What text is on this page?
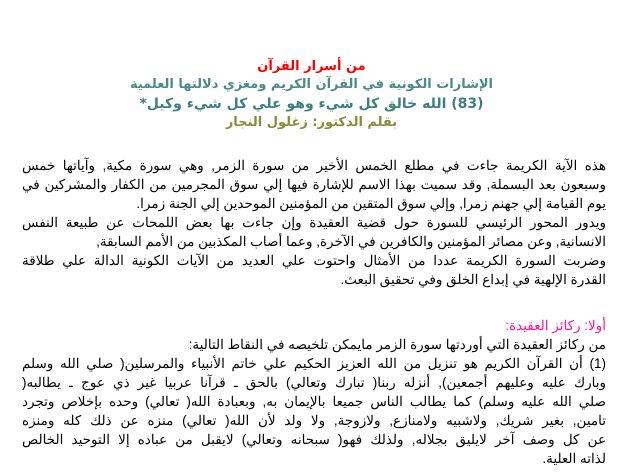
من أسرار القرآن
الإشارات الكونية في القرآن الكريم ومغزي دلالتها العلمية
(83) الله خالق كل شيء وهو علي كل شيء وكيل*
بقلم الدكتور: زغلول النجار
هذه الآية الكريمة جاءت في مطلع الخمس الأخير من سورة الزمر, وهي سورة مكية, وآياتها خمس
وسبعون بعد البسملة, وقد سميت بهذا الاسم للإشارة فيها إلي سوق المجرمين من الكفار والمشركين في
يوم القيامة إلي جهنم زمرا, وإلي سوق المتقين من المؤمنين الموحدين إلي الجنة زمرا.
ويدور المحور الرئيسي للسورة حول قضية العقيدة وإن جاءت بها بعض اللمحات عن طبيعة النفس
الانسانية, وعن مصائر المؤمنين والكافرين في الآخرة, وعما أصاب المكذبين من الأمم السابقة,
وضربت السورة الكريمة عددا من الأمثال واحتوت علي العديد من الآيات الكونية الدالة علي طلاقة
القدرة الإلهية في إبداع الخلق وفي تحقيق البعث.
أولا: ركائز العقيدة:
من ركائز العقيدة التي أوردتها سورة الزمر مايمكن تلخيصه في النقاط التالية:
(1) أن القرآن الكريم هو تنزيل من الله العزيز الحكيم علي خاتم الأنبياء والمرسلين( صلي الله وسلم
وبارك عليه وعليهم أجمعين), أنزله ربنا( تبارك وتعالي) بالحق ـ قرآنا عربيا غير ذي عوج ـ يطالبه(
صلي الله عليه وسلم) كما يطالب الناس جميعا بالإيمان به, وبعبادة الله( تعالي) وحده بإخلاص وتجرد
تامين, بغير شريك, ولاشبيه ولامنازع, ولازوجة, ولا ولد لأن الله( تعالي) منزه عن ذلك كله ومنزه
عن كل وصف آخر لايليق بجلاله, ولذلك فهو( سبحانه وتعالي) لايقبل من عباده إلا التوحيد الخالص
لذاته العلية.
